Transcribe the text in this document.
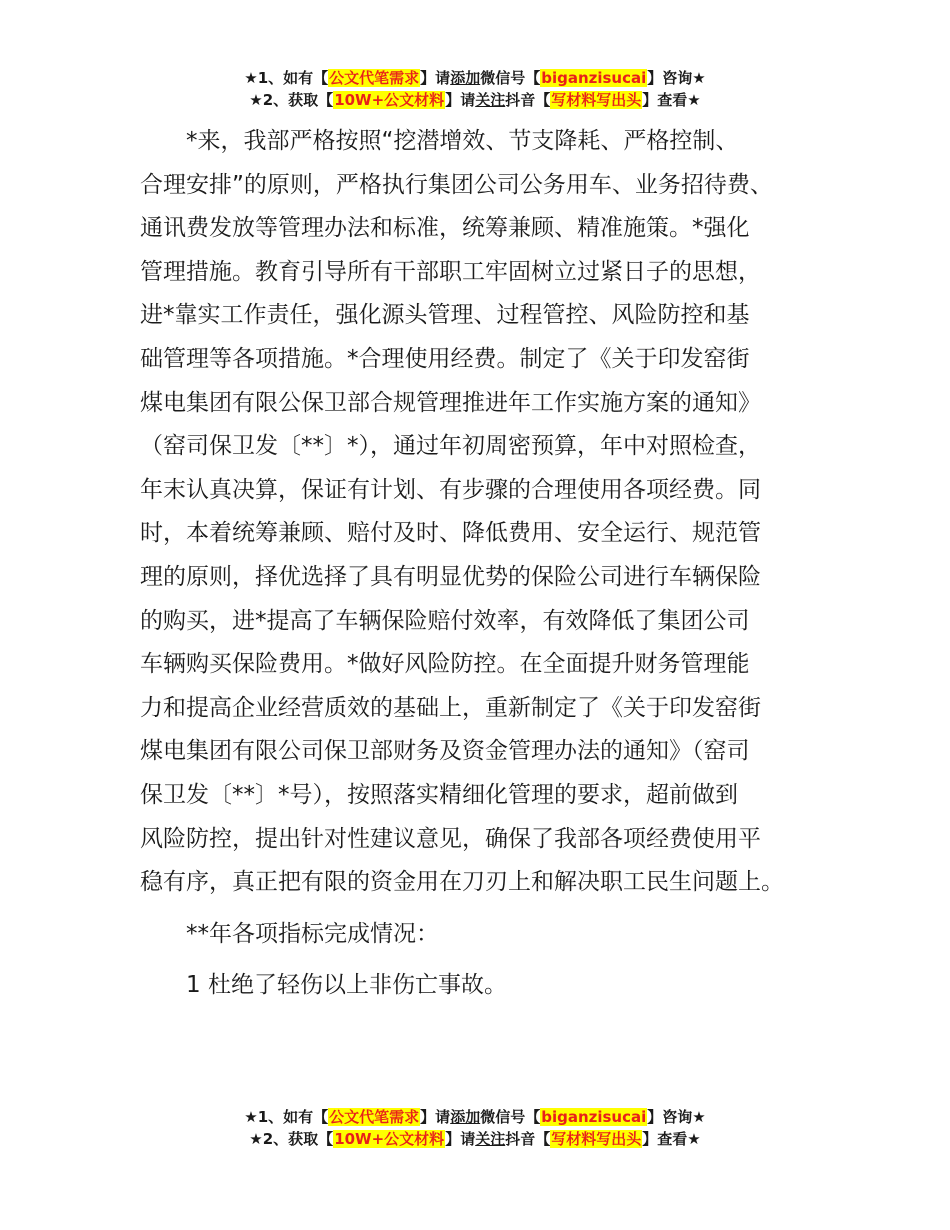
★1、如有【公文代笔需求】请添加微信号【biganzisucai】咨询★
★2、获取【10W+公文材料】请关注抖音【写材料写出头】查看★

*来，我部严格按照“挖潜增效、节支降耗、严格控制、
合理安排”的原则，严格执行集团公司公务用车、业务招待费、
通讯费发放等管理办法和标准，统筹兼顾、精准施策。*强化
管理措施。教育引导所有干部职工牢固树立过紧日子的思想，
进*靠实工作责任，强化源头管理、过程管控、风险防控和基
础管理等各项措施。*合理使用经费。制定了《关于印发窑街
煤电集团有限公保卫部合规管理推进年工作实施方案的通知》
（窑司保卫发〔**〕*），通过年初周密预算，年中对照检查，
年末认真决算，保证有计划、有步骤的合理使用各项经费。同
时，本着统筹兼顾、赔付及时、降低费用、安全运行、规范管
理的原则，择优选择了具有明显优势的保险公司进行车辆保险
的购买，进*提高了车辆保险赔付效率，有效降低了集团公司
车辆购买保险费用。*做好风险防控。在全面提升财务管理能
力和提高企业经营质效的基础上，重新制定了《关于印发窑街
煤电集团有限公司保卫部财务及资金管理办法的通知》（窑司
保卫发〔**〕*号），按照落实精细化管理的要求，超前做到
风险防控，提出针对性建议意见，确保了我部各项经费使用平
稳有序，真正把有限的资金用在刀刃上和解决职工民生问题上。

**年各项指标完成情况：

1 杜绝了轻伤以上非伤亡事故。

★1、如有【公文代笔需求】请添加微信号【biganzisucai】咨询★
★2、获取【10W+公文材料】请关注抖音【写材料写出头】查看★
